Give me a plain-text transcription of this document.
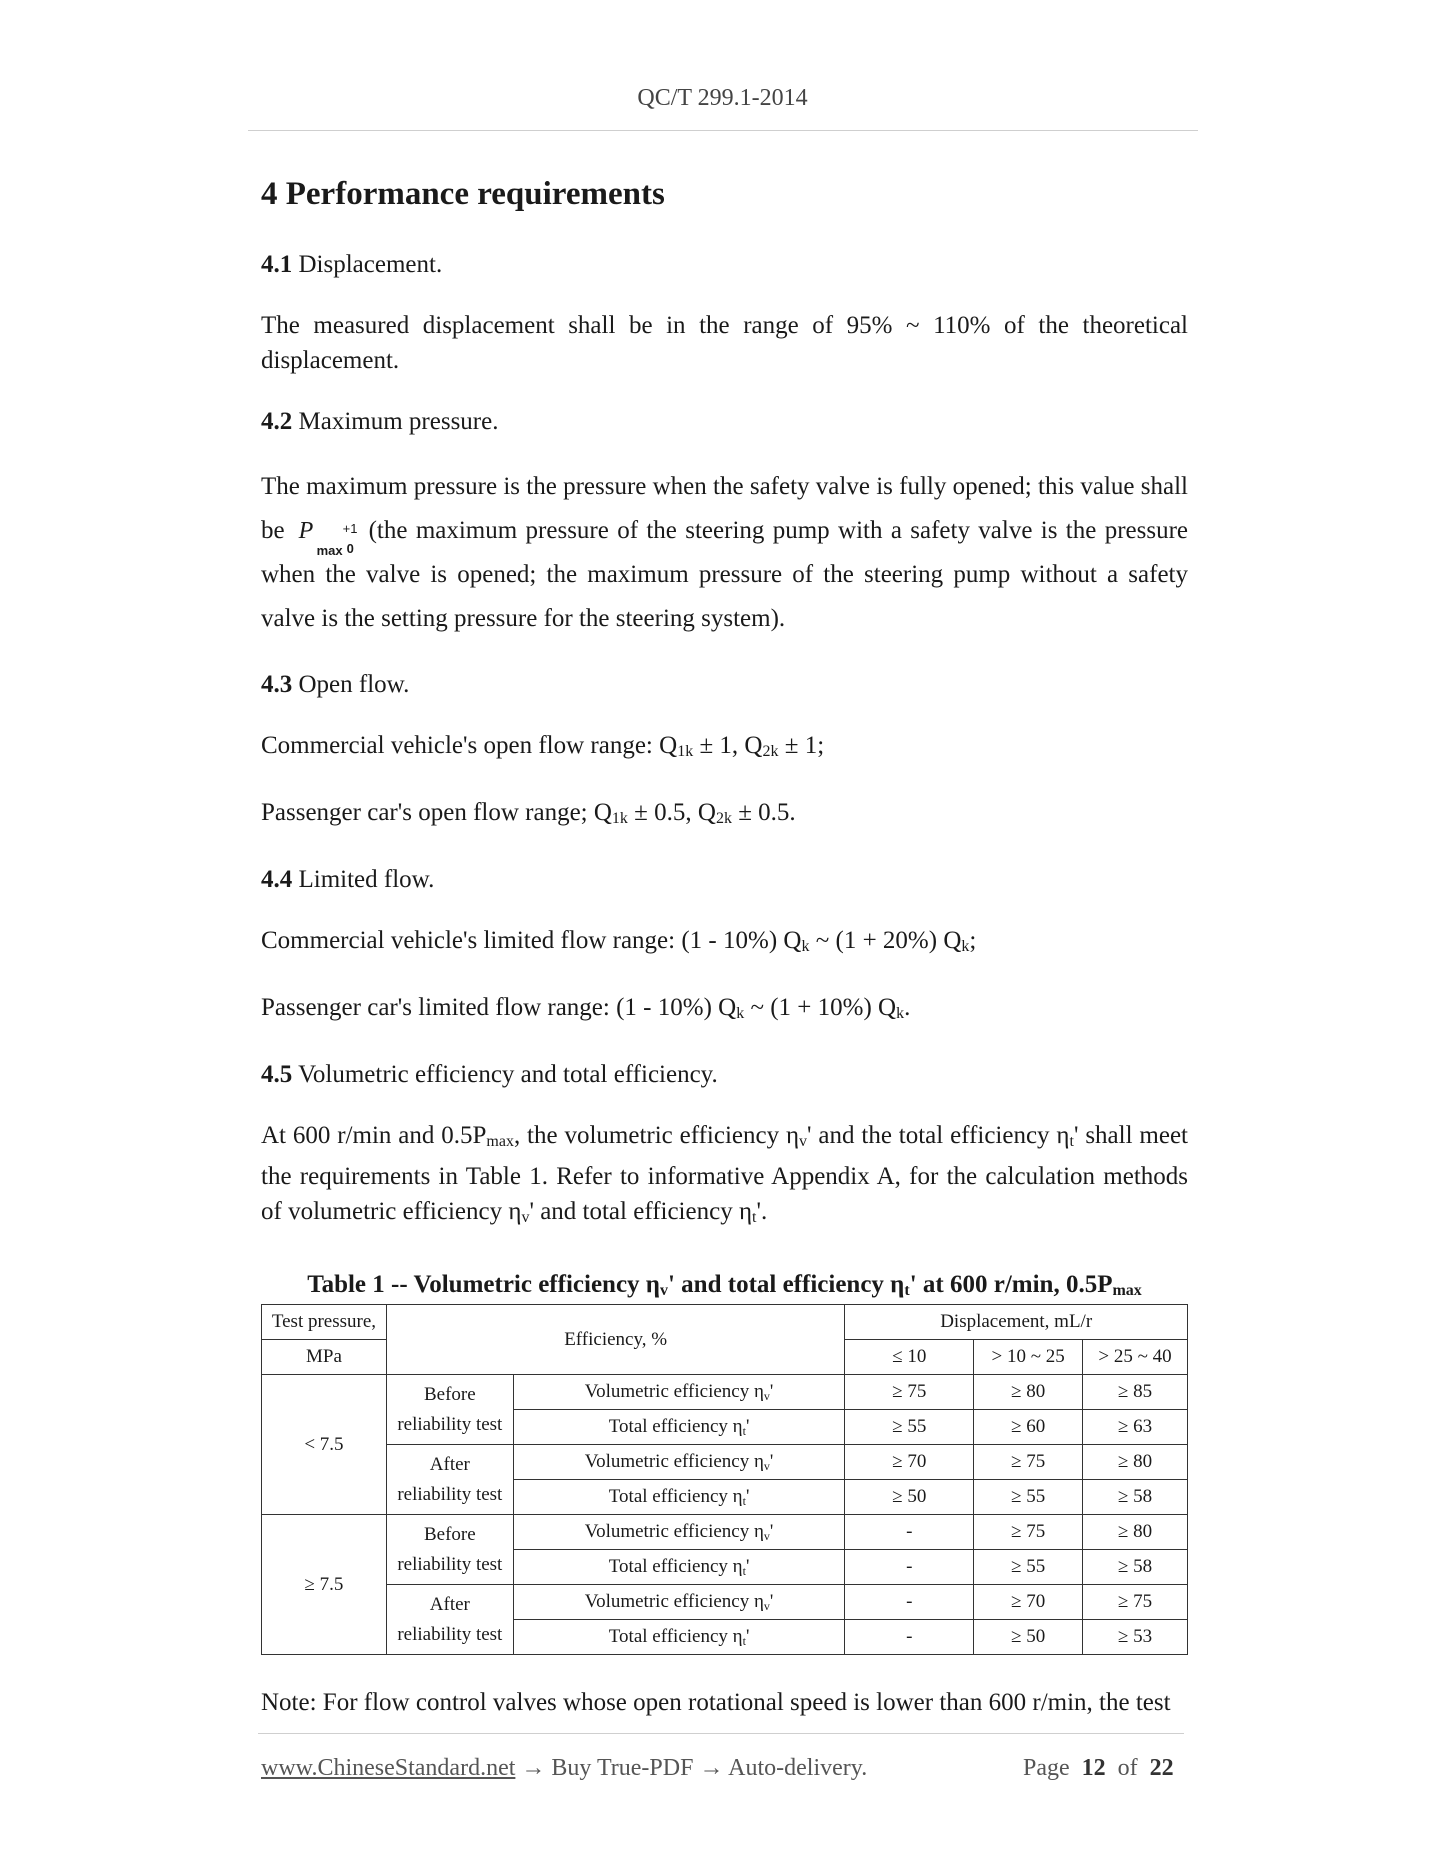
QC/T 299.1-2014
4 Performance requirements

4.1 Displacement.

The measured displacement shall be in the range of 95% ~ 110% of the theoretical displacement.

4.2 Maximum pressure.

The maximum pressure is the pressure when the safety valve is fully opened; this value shall be P
max
+1
0
(the maximum pressure of the steering pump with a safety valve is the pressure when the valve is opened; the maximum pressure of the steering pump without a safety valve is the setting pressure for the steering system).

4.3 Open flow.

Commercial vehicle's open flow range: $Q_{1k} \pm 1$, $Q_{2k} \pm 1$;

Passenger car's open flow range; $Q_{1k} \pm 0.5$, $Q_{2k} \pm 0.5$.

4.4 Limited flow.

Commercial vehicle's limited flow range: (1 - 10%) $Q_k$ ~ (1 + 20%) $Q_k$;

Passenger car's limited flow range: (1 - 10%) $Q_k$ ~ (1 + 10%) $Q_k$.

4.5 Volumetric efficiency and total efficiency.

At 600 r/min and $0.5P_{max}$, the volumetric efficiency $\eta_v'$ and the total efficiency $\eta_t'$ shall meet the requirements in Table 1. Refer to informative Appendix A, for the calculation methods of volumetric efficiency $\eta_v'$ and total efficiency $\eta_t'$.

Table 1 -- Volumetric efficiency $\eta_v'$ and total efficiency $\eta_t'$ at 600 r/min, $0.5P_{max}$
Test pressure,	Efficiency, %		Displacement, mL/r		
MPa			≤ 10	> 10 ~ 25	> 25 ~ 40
< 7.5	Before
reliability test	Volumetric efficiency $\eta_v'$	≥ 75	≥ 80	≥ 85
		Total efficiency $\eta_t'$	≥ 55	≥ 60	≥ 63

	After
reliability test	Volumetric efficiency $\eta_v'$	≥ 70	≥ 75	≥ 80
		Total efficiency $\eta_t'$	≥ 50	≥ 55	≥ 58
≥ 7.5	Before
reliability test	Volumetric efficiency $\eta_v'$	-	≥ 75	≥ 80
		Total efficiency $\eta_t'$	-	≥ 55	≥ 58

	After
reliability test	Volumetric efficiency $\eta_v'$	-	≥ 70	≥ 75
		Total efficiency $\eta_t'$	-	≥ 50	≥ 53

Note: For flow control valves whose open rotational speed is lower than 600 r/min, the test

www.ChineseStandard.net → Buy True-PDF → Auto-delivery.	Page 12 of 22
